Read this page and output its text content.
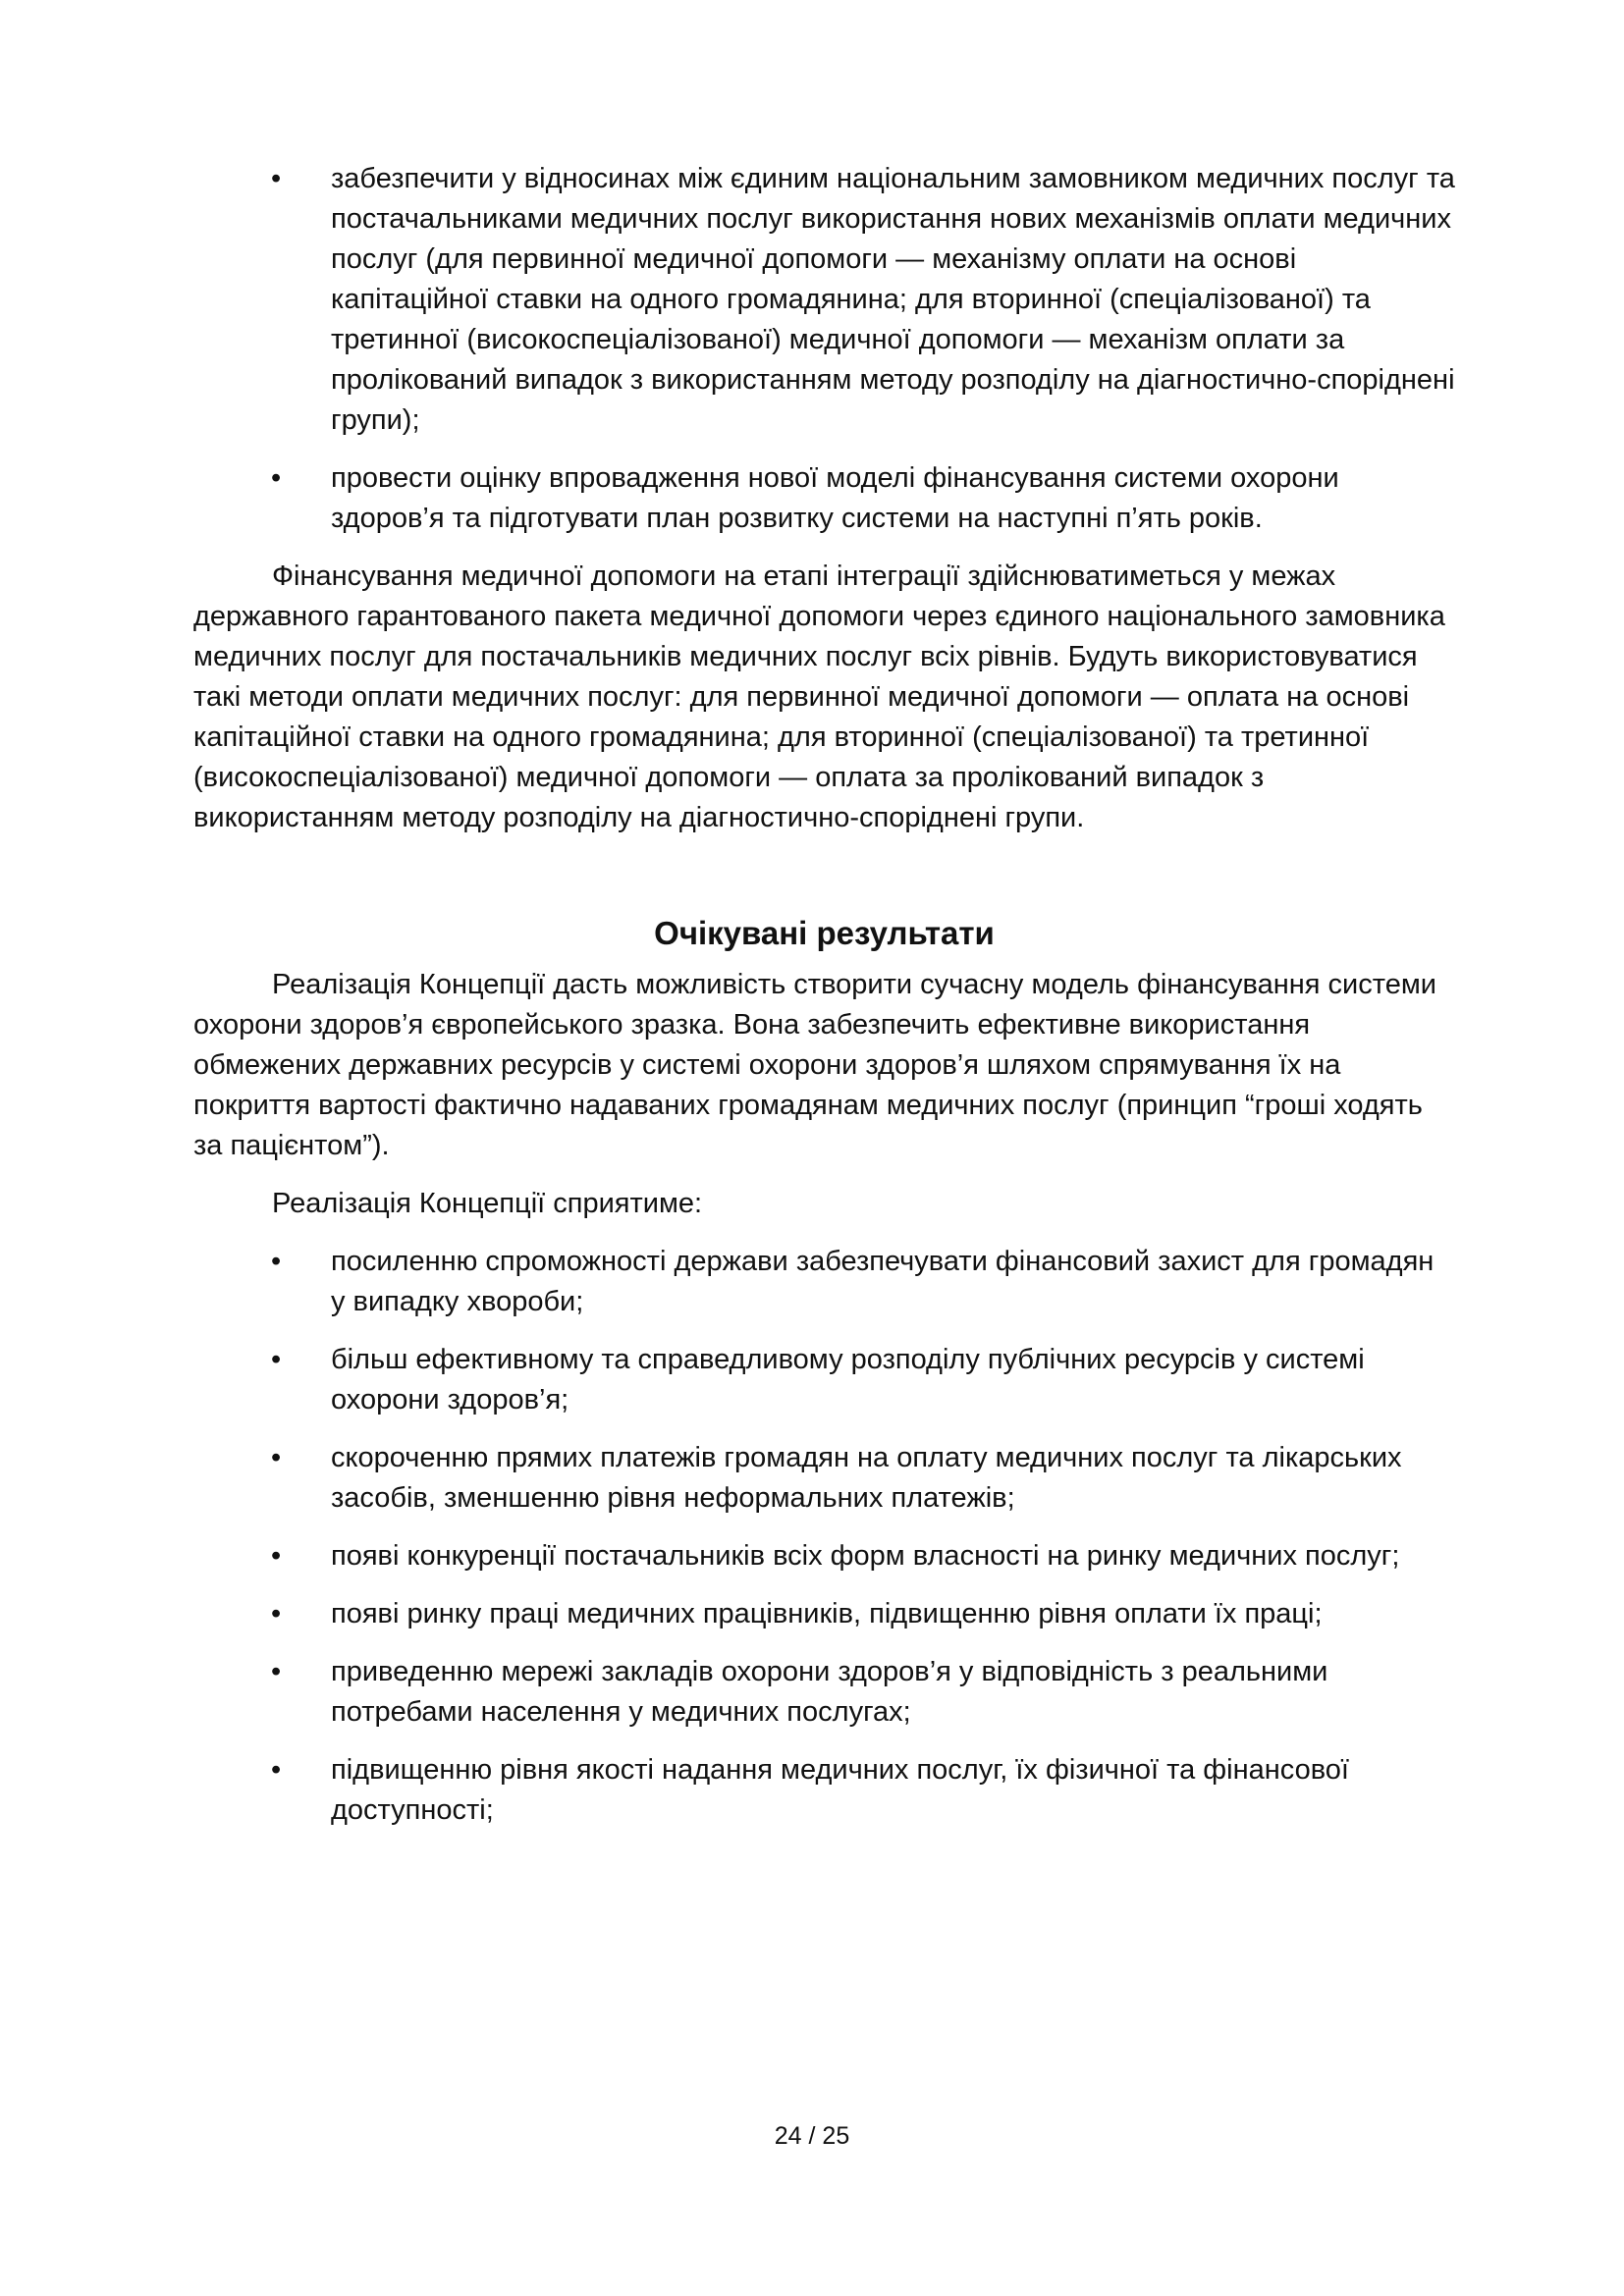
• забезпечити у відносинах між єдиним національним замовником медичних послуг та постачальниками медичних послуг використання нових механізмів оплати медичних послуг (для первинної медичної допомоги — механізму оплати на основі капітаційної ставки на одного громадянина; для вторинної (спеціалізованої) та третинної (високоспеціалізованої) медичної допомоги — механізм оплати за пролікований випадок з використанням методу розподілу на діагностично-споріднені групи);
• провести оцінку впровадження нової моделі фінансування системи охорони здоров’я та підготувати план розвитку системи на наступні п’ять років.

Фінансування медичної допомоги на етапі інтеграції здійснюватиметься у межах державного гарантованого пакета медичної допомоги через єдиного національного замовника медичних послуг для постачальників медичних послуг всіх рівнів. Будуть використовуватися такі методи оплати медичних послуг: для первинної медичної допомоги — оплата на основі капітаційної ставки на одного громадянина; для вторинної (спеціалізованої) та третинної (високоспеціалізованої) медичної допомоги — оплата за пролікований випадок з використанням методу розподілу на діагностично-споріднені групи.

Очікувані результати

Реалізація Концепції дасть можливість створити сучасну модель фінансування системи охорони здоров’я європейського зразка. Вона забезпечить ефективне використання обмежених державних ресурсів у системі охорони здоров’я шляхом спрямування їх на покриття вартості фактично надаваних громадянам медичних послуг (принцип “гроші ходять за пацієнтом”).

Реалізація Концепції сприятиме:

• посиленню спроможності держави забезпечувати фінансовий захист для громадян у випадку хвороби;
• більш ефективному та справедливому розподілу публічних ресурсів у системі охорони здоров’я;
• скороченню прямих платежів громадян на оплату медичних послуг та лікарських засобів, зменшенню рівня неформальних платежів;
• появі конкуренції постачальників всіх форм власності на ринку медичних послуг;
• появі ринку праці медичних працівників, підвищенню рівня оплати їх праці;
• приведенню мережі закладів охорони здоров’я у відповідність з реальними потребами населення у медичних послугах;
• підвищенню рівня якості надання медичних послуг, їх фізичної та фінансової доступності;
24 / 25
